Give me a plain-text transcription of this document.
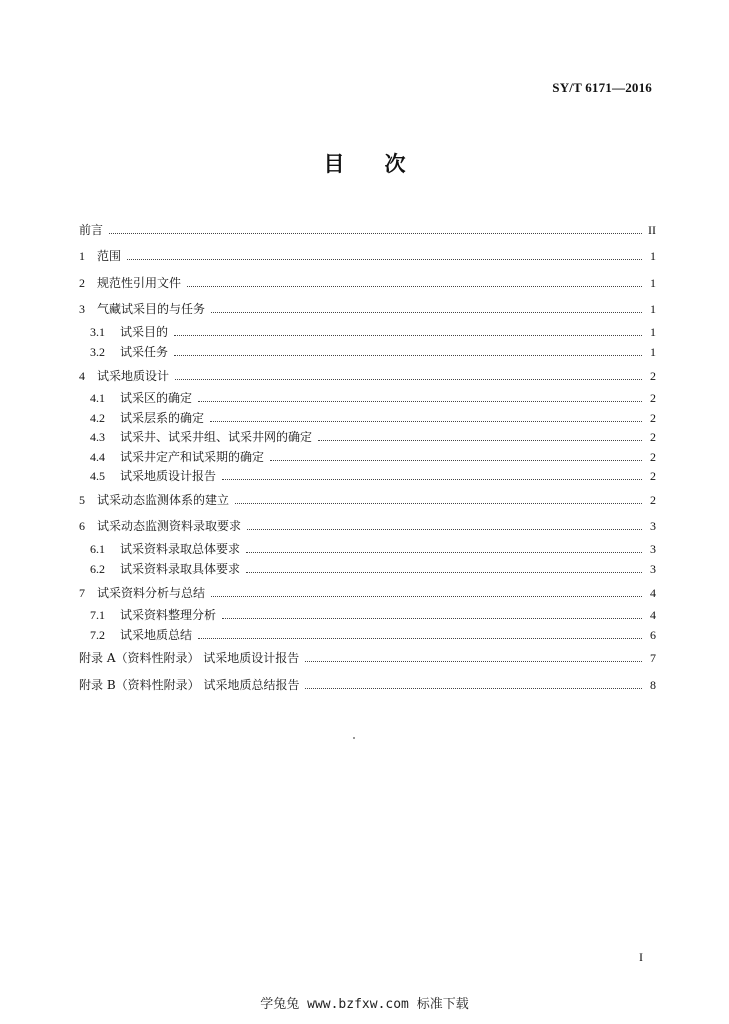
SY/T 6171—2016
目 次
前言	II
1	范围	1
2	规范性引用文件	1
3	气藏试采目的与任务	1
3.1	试采目的	1
3.2	试采任务	1
4	试采地质设计	2
4.1	试采区的确定	2
4.2	试采层系的确定	2
4.3	试采井、试采井组、试采井网的确定	2
4.4	试采井定产和试采期的确定	2
4.5	试采地质设计报告	2
5	试采动态监测体系的建立	2
6	试采动态监测资料录取要求	3
6.1	试采资料录取总体要求	3
6.2	试采资料录取具体要求	3
7	试采资料分析与总结	4
7.1	试采资料整理分析	4
7.2	试采地质总结	6
附录 A（资料性附录） 试采地质设计报告	7
附录 B（资料性附录） 试采地质总结报告	8
I
学兔兔 www.bzfxw.com 标准下载
